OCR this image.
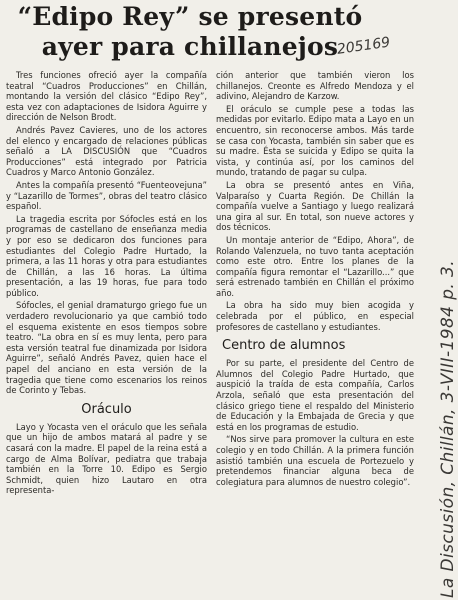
“Edipo Rey” se presentó
ayer para chillanejos
205169
La Discusión, Chillán, 3-VIII-1984 p. 3.

Tres funciones ofreció ayer la compañía teatral “Cuadros Producciones” en Chillán, montando la versión del clásico “Edipo Rey”, esta vez con adaptaciones de Isidora Aguirre y dirección de Nelson Brodt.

Andrés Pavez Cavieres, uno de los actores del elenco y encargado de relaciones públicas señaló a LA DISCUSIÓN que “Cuadros Producciones” está integrado por Patricia Cuadros y Marco Antonio González.

Antes la compañía presentó “Fuenteovejuna” y “Lazarillo de Tormes”, obras del teatro clásico español.

La tragedia escrita por Sófocles está en los programas de castellano de enseñanza media y por eso se dedicaron dos funciones para estudiantes del Colegio Padre Hurtado, la primera, a las 11 horas y otra para estudiantes de Chillán, a las 16 horas. La última presentación, a las 19 horas, fue para todo público.

Sófocles, el genial dramaturgo griego fue un verdadero revolucionario ya que cambió todo el esquema existente en esos tiempos sobre teatro. “La obra en sí es muy lenta, pero para esta versión teatral fue dinamizada por Isidora Aguirre”, señaló Andrés Pavez, quien hace el papel del anciano en esta versión de la tragedia que tiene como escenarios los reinos de Corinto y Tebas.

Oráculo

Layo y Yocasta ven el oráculo que les señala que un hijo de ambos matará al padre y se casará con la madre. El papel de la reina está a cargo de Alma Bolívar, pediatra que trabaja también en la Torre 10. Edipo es Sergio Schmidt, quien hizo Lautaro en otra representa-

ción anterior que también vieron los chillanejos. Creonte es Alfredo Mendoza y el adivino, Alejandro de Karzow.

El oráculo se cumple pese a todas las medidas por evitarlo. Edipo mata a Layo en un encuentro, sin reconocerse ambos. Más tarde se casa con Yocasta, también sin saber que es su madre. Ésta se suicida y Edipo se quita la vista, y continúa así, por los caminos del mundo, tratando de pagar su culpa.

La obra se presentó antes en Viña, Valparaíso y Cuarta Región. De Chillán la compañía vuelve a Santiago y luego realizará una gira al sur. En total, son nueve actores y dos técnicos.

Un montaje anterior de “Edipo, Ahora”, de Rolando Valenzuela, no tuvo tanta aceptación como este otro. Entre los planes de la compañía figura remontar el “Lazarillo...” que será estrenado también en Chillán el próximo año.

La obra ha sido muy bien acogida y celebrada por el público, en especial profesores de castellano y estudiantes.

Centro de alumnos

Por su parte, el presidente del Centro de Alumnos del Colegio Padre Hurtado, que auspició la traída de esta compañía, Carlos Arzola, señaló que esta presentación del clásico griego tiene el respaldo del Ministerio de Educación y la Embajada de Grecia y que está en los programas de estudio.

“Nos sirve para promover la cultura en este colegio y en todo Chillán. A la primera función asistió también una escuela de Portezuelo y pretendemos financiar alguna beca de colegiatura para alumnos de nuestro colegio”.
